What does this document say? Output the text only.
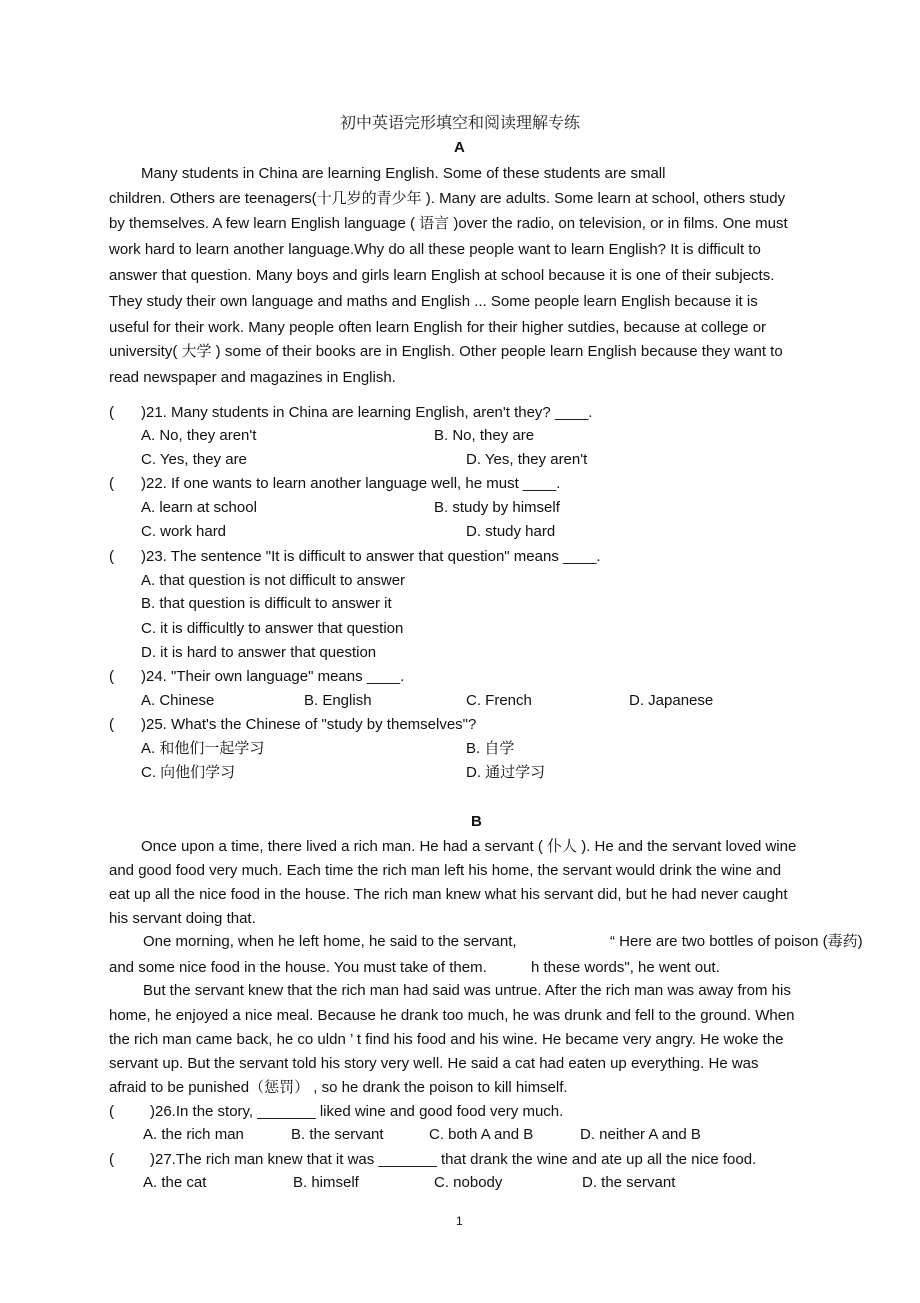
初中英语完形填空和阅读理解专练
A
Many students in China are learning English. Some of these students are small
children. Others are teenagers(十几岁的青少年 ). Many are adults. Some learn at school, others study
by themselves. A few learn English language ( 语言 )over the radio, on television, or in films. One must
work hard to learn another language.Why do all these people want to learn English? It is difficult to
answer that question. Many boys and girls learn English at school because it is one of their subjects.
They study their own language and maths and English ... Some people learn English because it is
useful for their work. Many people often learn English for their higher sutdies, because at college or
university( 大学 ) some of their books are in English. Other people learn English because they want to
read newspaper and magazines in English.
( )21. Many students in China are learning English, aren't they? ____.
A. No, they aren't	B. No, they are
C. Yes, they are	D. Yes, they aren't
( )22. If one wants to learn another language well, he must ____.
A. learn at school	B. study by himself
C. work hard	D. study hard
( )23. The sentence "It is difficult to answer that question" means ____.
A. that question is not difficult to answer
B. that question is difficult to answer it
C. it is difficultly to answer that question
D. it is hard to answer that question
( )24. "Their own language" means ____.
A. Chinese	B. English	C. French	D. Japanese
( )25. What's the Chinese of "study by themselves"?
A. 和他们一起学习	B. 自学
C. 向他们学习	D. 通过学习
B
Once upon a time, there lived a rich man. He had a servant ( 仆人 ). He and the servant loved wine
and good food very much. Each time the rich man left his home, the servant would drink the wine and
eat up all the nice food in the house. The rich man knew what his servant did, but he had never caught
his servant doing that.
One morning, when he left home, he said to the servant,	“ Here are two bottles of poison (毒药)
and some nice food in the house. You must take of them.	h these words", he went out.
But the servant knew that the rich man had said was untrue. After the rich man was away from his
home, he enjoyed a nice meal. Because he drank too much, he was drunk and fell to the ground. When
the rich man came back, he co uldn ’ t find his food and his wine. He became very angry. He woke the
servant up. But the servant told his story very well. He said a cat had eaten up everything. He was
afraid to be punished（惩罚） , so he drank the poison to kill himself.
( )26.In the story, _______ liked wine and good food very much.
A. the rich man	B. the servant	C. both A and B	D. neither A and B
( )27.The rich man knew that it was _______ that drank the wine and ate up all the nice food.
A. the cat	B. himself	C. nobody	D. the servant
1
